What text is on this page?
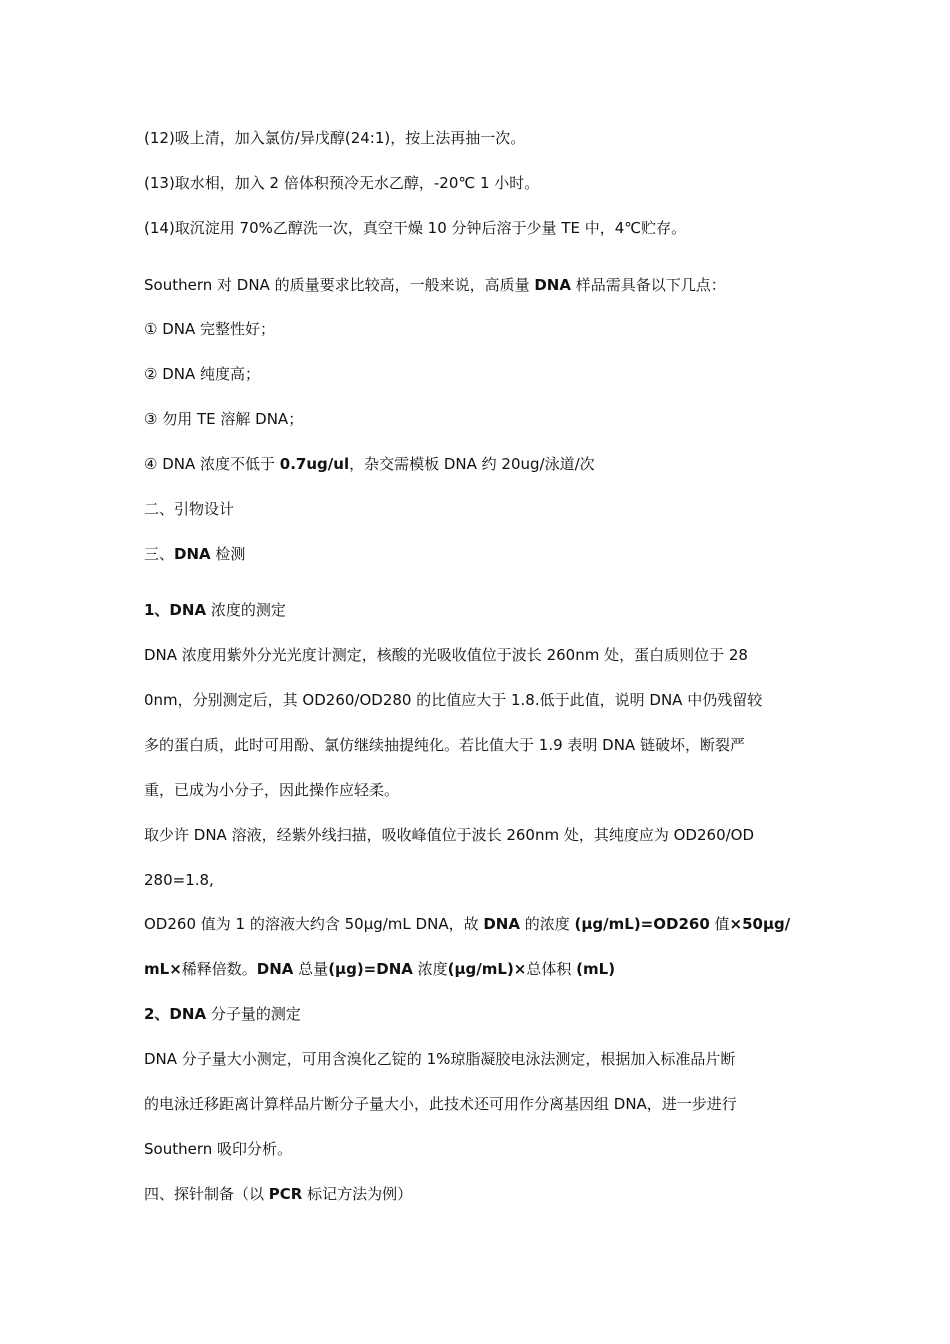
(12)吸上清，加入氯仿/异戊醇(24:1)，按上法再抽一次。
(13)取水相，加入 2 倍体积预冷无水乙醇，-20℃ 1 小时。
(14)取沉淀用 70%乙醇洗一次，真空干燥 10 分钟后溶于少量 TE 中，4℃贮存。
Southern 对 DNA 的质量要求比较高，一般来说，高质量 DNA 样品需具备以下几点：
① DNA 完整性好；
② DNA 纯度高；
③ 勿用 TE 溶解 DNA；
④ DNA 浓度不低于 0.7ug/ul，杂交需模板 DNA 约 20ug/泳道/次
二、引物设计
三、DNA 检测
1、DNA 浓度的测定
DNA 浓度用紫外分光光度计测定，核酸的光吸收值位于波长 260nm 处，蛋白质则位于 28
0nm，分别测定后，其 OD260/OD280 的比值应大于 1.8.低于此值，说明 DNA 中仍残留较
多的蛋白质，此时可用酚、氯仿继续抽提纯化。若比值大于 1.9 表明 DNA 链破坏，断裂严
重，已成为小分子，因此操作应轻柔。
取少许 DNA 溶液，经紫外线扫描，吸收峰值位于波长 260nm 处，其纯度应为 OD260/OD
280=1.8,
OD260 值为 1 的溶液大约含 50μg/mL DNA，故 DNA 的浓度 (μg/mL)=OD260 值×50μg/
mL×稀释倍数。DNA 总量(μg)=DNA 浓度(μg/mL)×总体积 (mL)
2、DNA 分子量的测定
DNA 分子量大小测定，可用含溴化乙锭的 1%琼脂凝胶电泳法测定，根据加入标准品片断
的电泳迁移距离计算样品片断分子量大小，此技术还可用作分离基因组 DNA，进一步进行
Southern 吸印分析。
四、探针制备（以 PCR 标记方法为例）
